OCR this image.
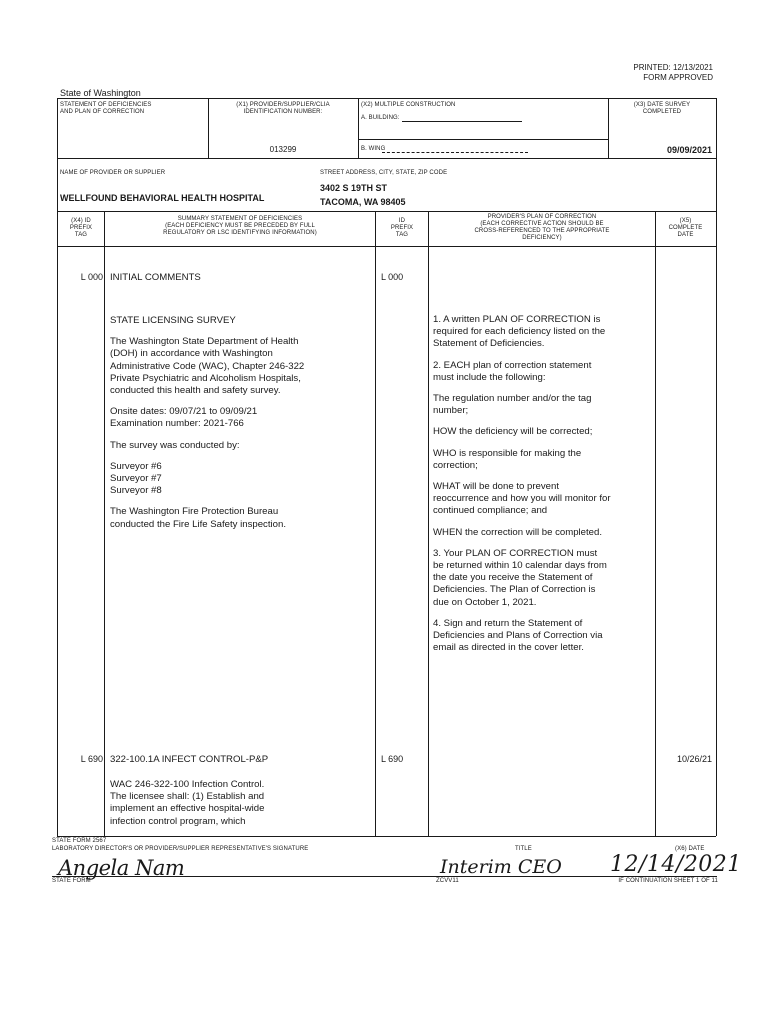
PRINTED: 12/13/2021
FORM APPROVED
State of Washington
STATEMENT OF DEFICIENCIES
AND PLAN OF CORRECTION
(X1) PROVIDER/SUPPLIER/CLIA
IDENTIFICATION NUMBER:
013299
(X2) MULTIPLE CONSTRUCTION
A. BUILDING:
B. WING
(X3) DATE SURVEY
COMPLETED
09/09/2021
NAME OF PROVIDER OR SUPPLIER
WELLFOUND BEHAVIORAL HEALTH HOSPITAL
STREET ADDRESS, CITY, STATE, ZIP CODE
3402 S 19TH ST
TACOMA, WA 98405
(X4) ID
PREFIX
TAG
SUMMARY STATEMENT OF DEFICIENCIES
(EACH DEFICIENCY MUST BE PRECEDED BY FULL
REGULATORY OR LSC IDENTIFYING INFORMATION)
ID
PREFIX
TAG
PROVIDER'S PLAN OF CORRECTION
(EACH CORRECTIVE ACTION SHOULD BE
CROSS-REFERENCED TO THE APPROPRIATE
DEFICIENCY)
(X5)
COMPLETE
DATE
L 000 INITIAL COMMENTS	L 000
STATE LICENSING SURVEY
The Washington State Department of Health
(DOH) in accordance with Washington
Administrative Code (WAC), Chapter 246-322
Private Psychiatric and Alcoholism Hospitals,
conducted this health and safety survey.
Onsite dates: 09/07/21 to 09/09/21
Examination number: 2021-766
The survey was conducted by:
Surveyor #6
Surveyor #7
Surveyor #8
The Washington Fire Protection Bureau
conducted the Fire Life Safety inspection.
1. A written PLAN OF CORRECTION is
required for each deficiency listed on the
Statement of Deficiencies.
2. EACH plan of correction statement
must include the following:
The regulation number and/or the tag
number;
HOW the deficiency will be corrected;
WHO is responsible for making the
correction;
WHAT will be done to prevent
reoccurrence and how you will monitor for
continued compliance; and
WHEN the correction will be completed.
3. Your PLAN OF CORRECTION must
be returned within 10 calendar days from
the date you receive the Statement of
Deficiencies. The Plan of Correction is
due on October 1, 2021.
4. Sign and return the Statement of
Deficiencies and Plans of Correction via
email as directed in the cover letter.
L 690 322-100.1A INFECT CONTROL-P&P	L 690	10/26/21
WAC 246-322-100 Infection Control.
The licensee shall: (1) Establish and
implement an effective hospital-wide
infection control program, which
STATE FORM 2567
LABORATORY DIRECTOR'S OR PROVIDER/SUPPLIER REPRESENTATIVE'S SIGNATURE	TITLE	(X6) DATE
Angela Nam	Interim CEO 12/14/2021
STATE FORM	ZCVV11	IF CONTINUATION SHEET 1 OF 11
